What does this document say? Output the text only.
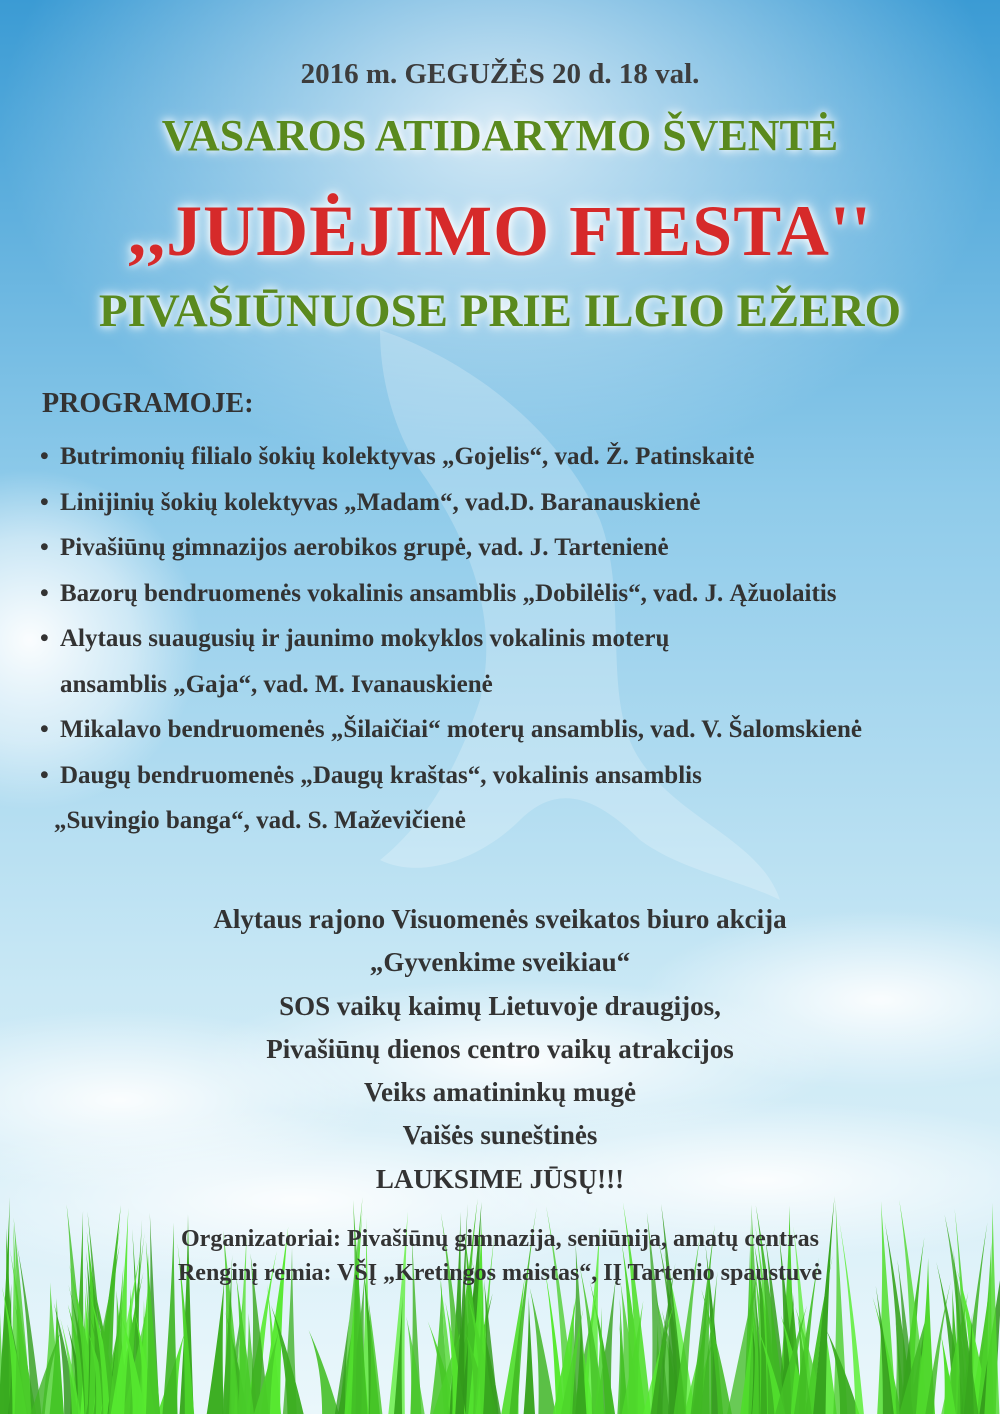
2016 m. GEGUŽĖS 20 d. 18 val.
VASAROS ATIDARYMO ŠVENTĖ
,,JUDĖJIMO FIESTA''
PIVAŠIŪNUOSE PRIE ILGIO EŽERO
PROGRAMOJE:
• Butrimonių filialo šokių kolektyvas „Gojelis“, vad. Ž. Patinskaitė
• Linijinių šokių kolektyvas „Madam“, vad.D. Baranauskienė
• Pivašiūnų gimnazijos aerobikos grupė, vad. J. Tartenienė
• Bazorų bendruomenės vokalinis ansamblis „Dobilėlis“, vad. J. Ąžuolaitis
• Alytaus suaugusių ir jaunimo mokyklos vokalinis moterų
ansamblis „Gaja“, vad. M. Ivanauskienė
• Mikalavo bendruomenės „Šilaičiai“ moterų ansamblis, vad. V. Šalomskienė
• Daugų bendruomenės „Daugų kraštas“, vokalinis ansamblis
„Suvingio banga“, vad. S. Maževičienė
Alytaus rajono Visuomenės sveikatos biuro akcija
„Gyvenkime sveikiau“
SOS vaikų kaimų Lietuvoje draugijos,
Pivašiūnų dienos centro vaikų atrakcijos
Veiks amatininkų mugė
Vaišės suneštinės
LAUKSIME JŪSŲ!!!
Organizatoriai: Pivašiūnų gimnazija, seniūnija, amatų centras
Renginį remia: VŠĮ „Kretingos maistas“, IĮ Tartenio spaustuvė
